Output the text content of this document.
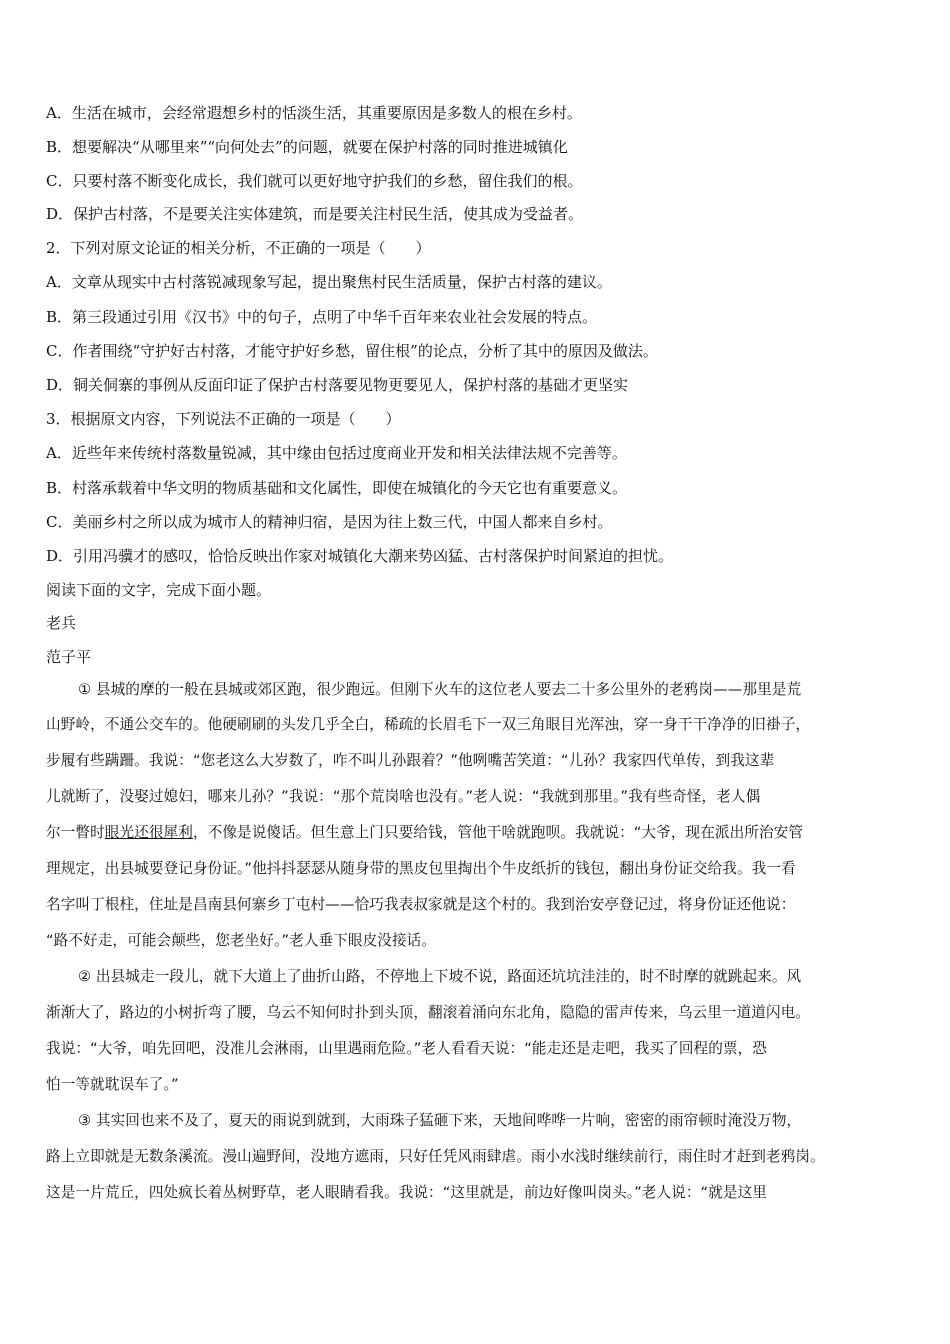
A．生活在城市，会经常遐想乡村的恬淡生活，其重要原因是多数人的根在乡村。
B．想要解决“从哪里来”“向何处去”的问题，就要在保护村落的同时推进城镇化
C．只要村落不断变化成长，我们就可以更好地守护我们的乡愁，留住我们的根。
D．保护古村落，不是要关注实体建筑，而是要关注村民生活，使其成为受益者。
2．下列对原文论证的相关分析，不正确的一项是（　　）
A．文章从现实中古村落锐减现象写起，提出聚焦村民生活质量，保护古村落的建议。
B．第三段通过引用《汉书》中的句子，点明了中华千百年来农业社会发展的特点。
C．作者围绕“守护好古村落，才能守护好乡愁，留住根”的论点，分析了其中的原因及做法。
D．铜关侗寨的事例从反面印证了保护古村落要见物更要见人，保护村落的基础才更坚实
3．根据原文内容，下列说法不正确的一项是（　　）
A．近些年来传统村落数量锐减，其中缘由包括过度商业开发和相关法律法规不完善等。
B．村落承载着中华文明的物质基础和文化属性，即使在城镇化的今天它也有重要意义。
C．美丽乡村之所以成为城市人的精神归宿，是因为往上数三代，中国人都来自乡村。
D．引用冯骥才的感叹，恰恰反映出作家对城镇化大潮来势凶猛、古村落保护时间紧迫的担忧。
阅读下面的文字，完成下面小题。
老兵
范子平
① 县城的摩的一般在县城或郊区跑，很少跑远。但刚下火车的这位老人要去二十多公里外的老鸦岗——那里是荒
山野岭，不通公交车的。他硬刷刷的头发几乎全白，稀疏的长眉毛下一双三角眼目光浑浊，穿一身干干净净的旧褂子，
步履有些蹒跚。我说：“您老这么大岁数了，咋不叫儿孙跟着？”他咧嘴苦笑道：“儿孙？我家四代单传，到我这辈
儿就断了，没娶过媳妇，哪来儿孙？”我说：“那个荒岗啥也没有。”老人说：“我就到那里。”我有些奇怪，老人偶
尔一瞥时眼光还很犀利，不像是说傻话。但生意上门只要给钱，管他干啥就跑呗。我就说：“大爷，现在派出所治安管
理规定，出县城要登记身份证。”他抖抖瑟瑟从随身带的黑皮包里掏出个牛皮纸折的钱包，翻出身份证交给我。我一看
名字叫丁根柱，住址是昌南县何寨乡丁屯村——恰巧我表叔家就是这个村的。我到治安亭登记过，将身份证还他说：
“路不好走，可能会颠些，您老坐好。”老人垂下眼皮没接话。
② 出县城走一段儿，就下大道上了曲折山路，不停地上下坡不说，路面还坑坑洼洼的，时不时摩的就跳起来。风
渐渐大了，路边的小树折弯了腰，乌云不知何时扑到头顶，翻滚着涌向东北角，隐隐的雷声传来，乌云里一道道闪电。
我说：“大爷，咱先回吧，没准儿会淋雨，山里遇雨危险。”老人看看天说：“能走还是走吧，我买了回程的票，恐
怕一等就耽误车了。”
③ 其实回也来不及了，夏天的雨说到就到，大雨珠子猛砸下来，天地间哗哗一片响，密密的雨帘顿时淹没万物，
路上立即就是无数条溪流。漫山遍野间，没地方遮雨，只好任凭风雨肆虐。雨小水浅时继续前行，雨住时才赶到老鸦岗。
这是一片荒丘，四处疯长着丛树野草，老人眼睛看我。我说：“这里就是，前边好像叫岗头。”老人说：“就是这里
